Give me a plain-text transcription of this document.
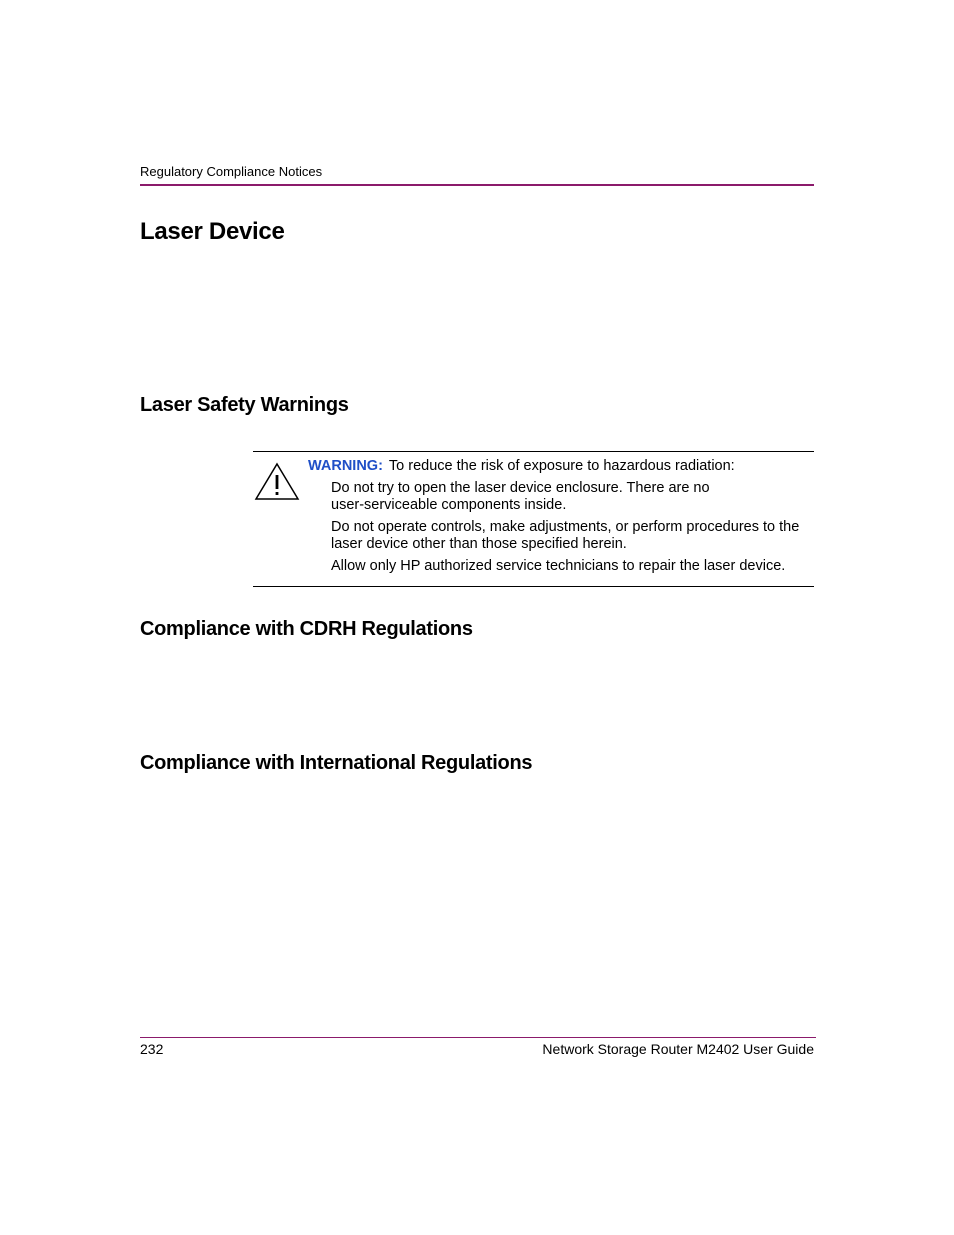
Regulatory Compliance Notices
Laser Device
Laser Safety Warnings
WARNING: To reduce the risk of exposure to hazardous radiation:
Do not try to open the laser device enclosure. There are no user-serviceable components inside.
Do not operate controls, make adjustments, or perform procedures to the laser device other than those specified herein.
Allow only HP authorized service technicians to repair the laser device.
Compliance with CDRH Regulations
Compliance with International Regulations
232	Network Storage Router M2402 User Guide
